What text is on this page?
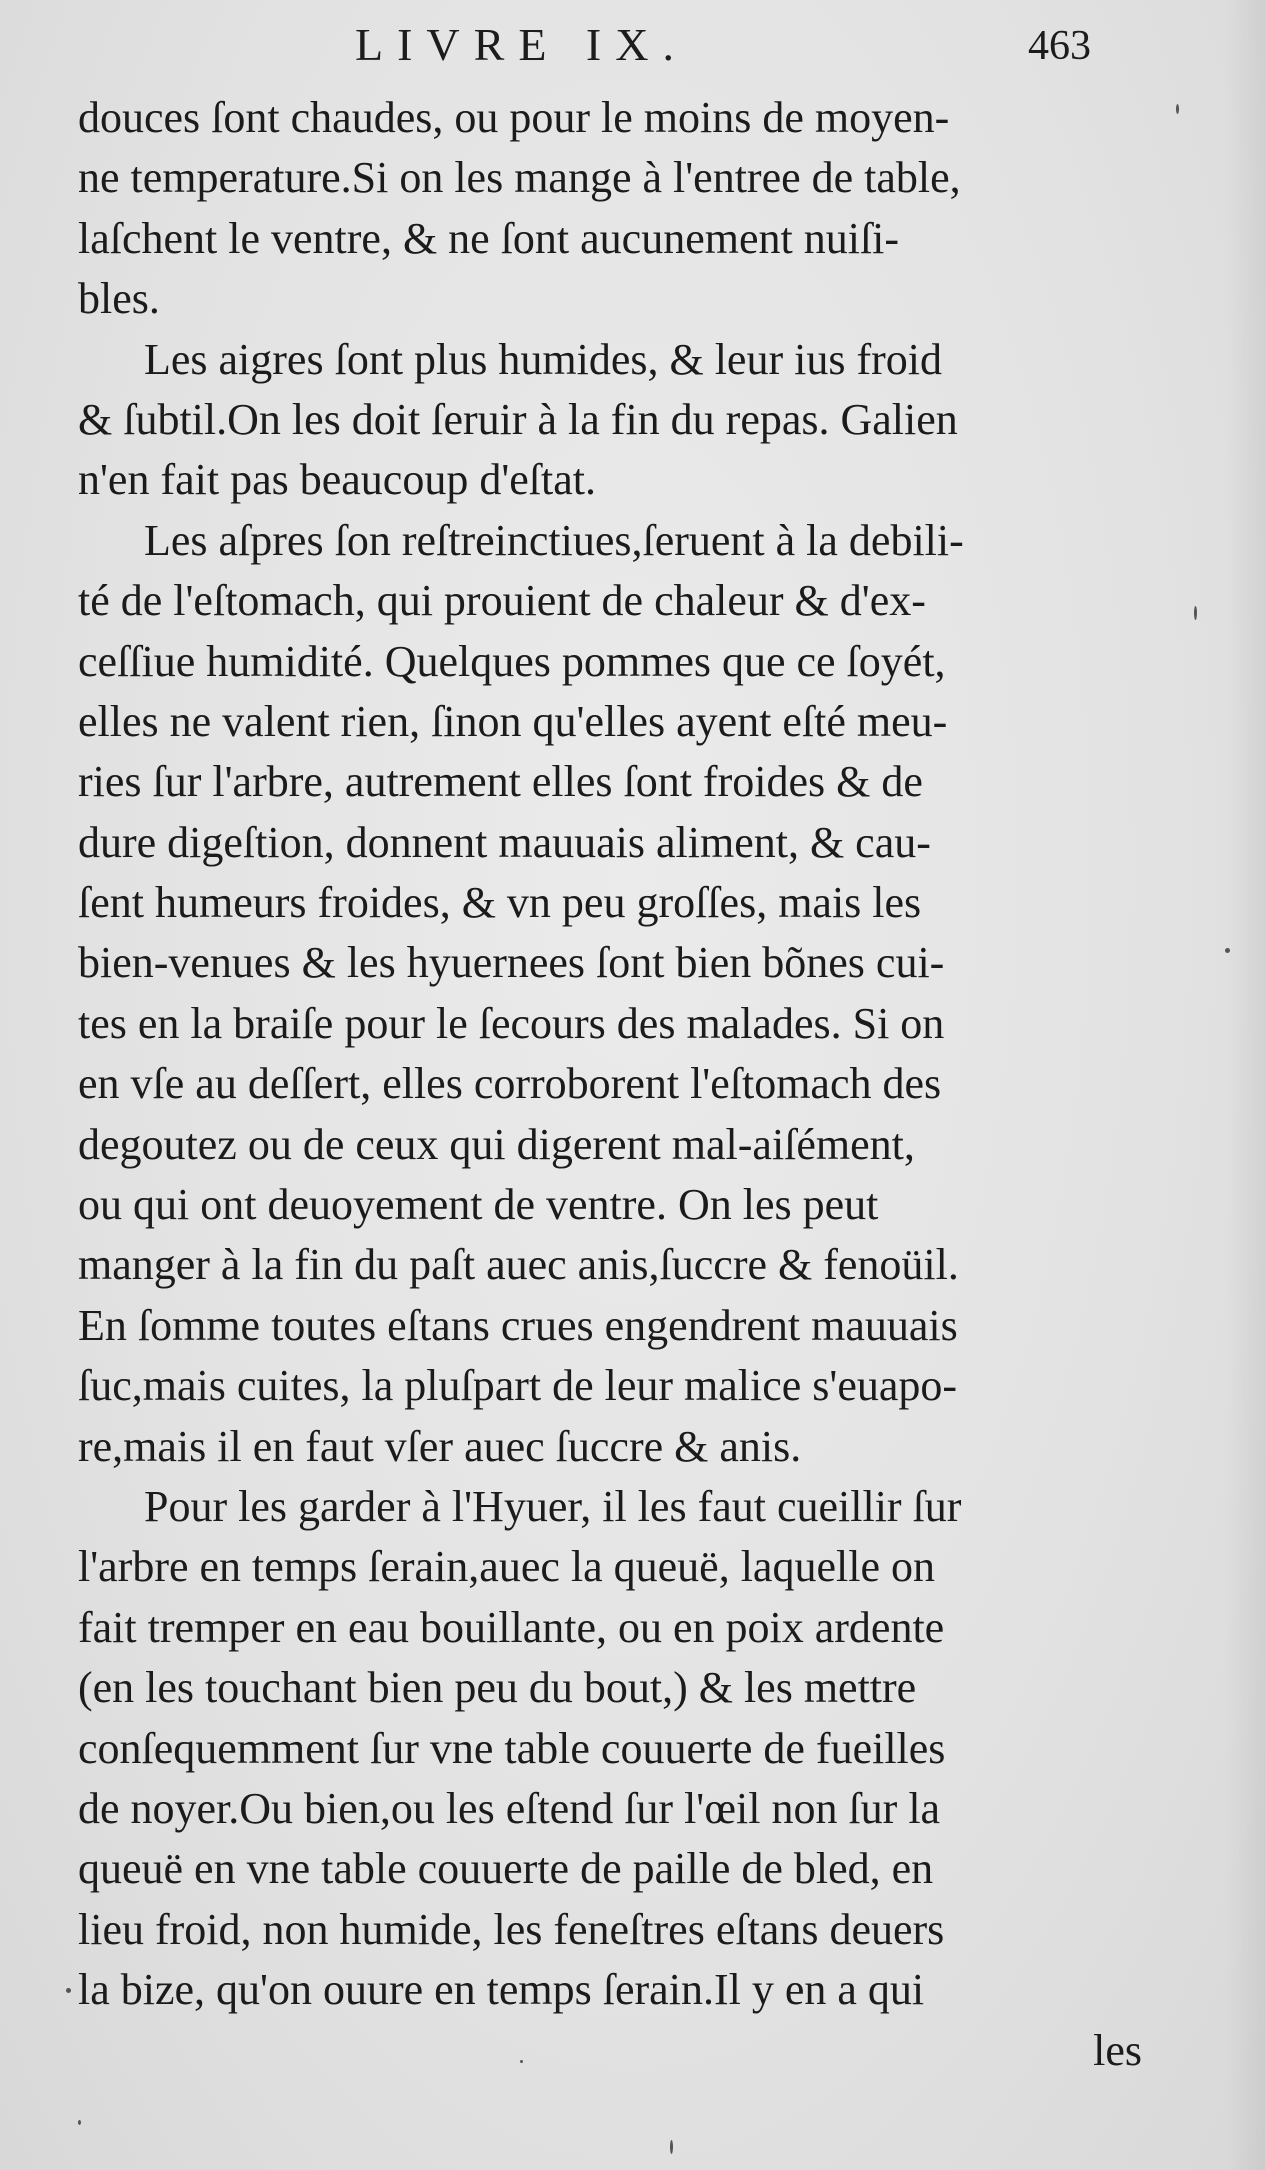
LIVRE IX.	463
douces ſont chaudes, ou pour le moins de moyen-
ne temperature.Si on les mange à l'entree de table,
laſchent le ventre, & ne ſont aucunement nuiſi-
bles.
Les aigres ſont plus humides, & leur ius froid
& ſubtil.On les doit ſeruir à la fin du repas. Galien
n'en fait pas beaucoup d'eſtat.
Les aſpres ſon reſtreinctiues,ſeruent à la debili-
té de l'eſtomach, qui prouient de chaleur & d'ex-
ceſſiue humidité. Quelques pommes que ce ſoyét,
elles ne valent rien, ſinon qu'elles ayent eſté meu-
ries ſur l'arbre, autrement elles ſont froides & de
dure digeſtion, donnent mauuais aliment, & cau-
ſent humeurs froides, & vn peu groſſes, mais les
bien-venues & les hyuernees ſont bien bõnes cui-
tes en la braiſe pour le ſecours des malades. Si on
en vſe au deſſert, elles corroborent l'eſtomach des
degoutez ou de ceux qui digerent mal-aiſément,
ou qui ont deuoyement de ventre. On les peut
manger à la fin du paſt auec anis,ſuccre & fenoüil.
En ſomme toutes eſtans crues engendrent mauuais
ſuc,mais cuites, la pluſpart de leur malice s'euapo-
re,mais il en faut vſer auec ſuccre & anis.
Pour les garder à l'Hyuer, il les faut cueillir ſur
l'arbre en temps ſerain,auec la queuë, laquelle on
fait tremper en eau bouillante, ou en poix ardente
(en les touchant bien peu du bout,) & les mettre
conſequemment ſur vne table couuerte de fueilles
de noyer.Ou bien,ou les eſtend ſur l'œil non ſur la
queuë en vne table couuerte de paille de bled, en
lieu froid, non humide, les feneſtres eſtans deuers
la bize, qu'on ouure en temps ſerain.Il y en a qui
les
